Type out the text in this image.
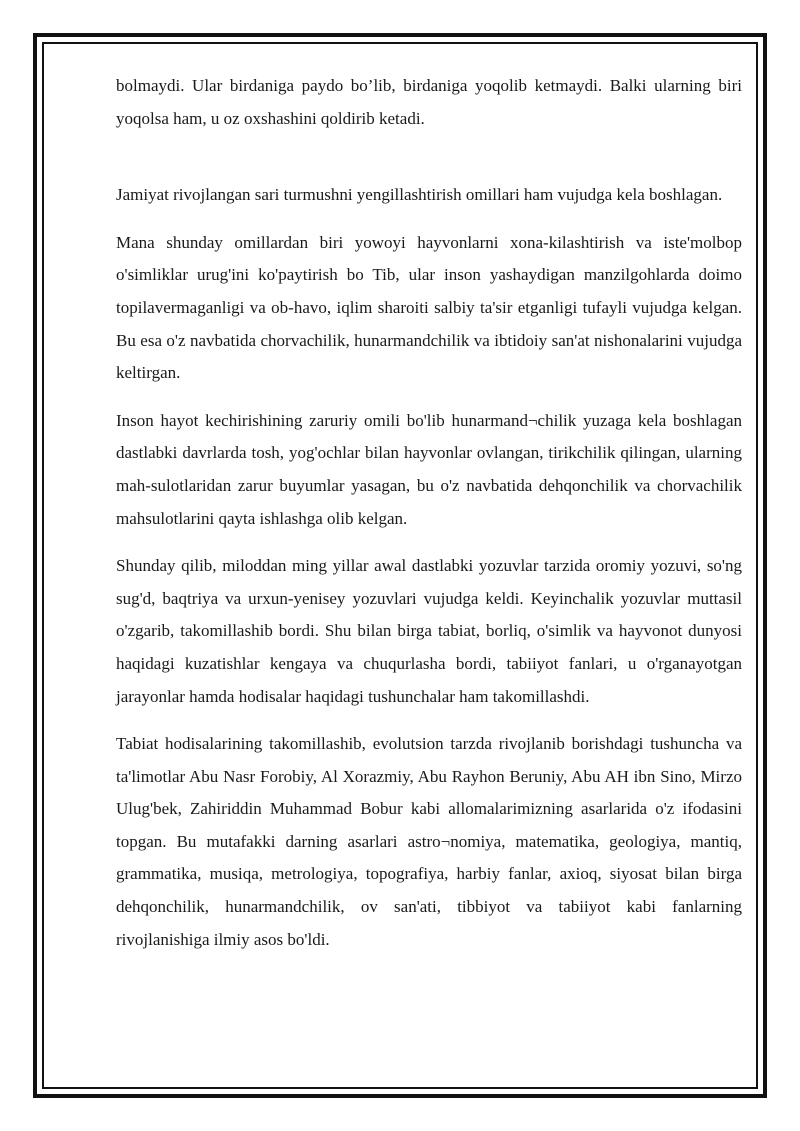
bolmaydi. Ular birdaniga paydo bo’lib, birdaniga yoqolib ketmaydi. Balki ularning biri yoqolsa ham, u oz oxshashini qoldirib ketadi.

Jamiyat rivojlangan sari turmushni yengillashtirish omillari ham vujudga kela boshlagan.

Mana shunday omillardan biri yowoyi hayvonlarni xona-kilashtirish va iste'molbop o'simliklar urug'ini ko'paytirish bo Tib, ular inson yashaydigan manzilgohlarda doimo topilavermaganligi va ob-havo, iqlim sharoiti salbiy ta'sir etganligi tufayli vujudga kelgan. Bu esa o'z navbatida chorvachilik, hunarmandchilik va ibtidoiy san'at nishonalarini vujudga keltirgan.

Inson hayot kechirishining zaruriy omili bo'lib hunarmand¬chilik yuzaga kela boshlagan dastlabki davrlarda tosh, yog'ochlar bilan hayvonlar ovlangan, tirikchilik qilingan, ularning mah-sulotlaridan zarur buyumlar yasagan, bu o'z navbatida dehqonchilik va chorvachilik mahsulotlarini qayta ishlashga olib kelgan.

Shunday qilib, miloddan ming yillar awal dastlabki yozuvlar tarzida oromiy yozuvi, so'ng sug'd, baqtriya va urxun-yenisey yozuvlari vujudga keldi. Keyinchalik yozuvlar muttasil o'zgarib, takomillashib bordi. Shu bilan birga tabiat, borliq, o'simlik va hayvonot dunyosi haqidagi kuzatishlar kengaya va chuqurlasha bordi, tabiiyot fanlari, u o'rganayotgan jarayonlar hamda hodisalar haqidagi tushunchalar ham takomillashdi.

Tabiat hodisalarining takomillashib, evolutsion tarzda rivojlanib borishdagi tushuncha va ta'limotlar Abu Nasr Forobiy, Al Xorazmiy, Abu Rayhon Beruniy, Abu AH ibn Sino, Mirzo Ulug'bek, Zahiriddin Muhammad Bobur kabi allomalarimizning asarlarida o'z ifodasini topgan. Bu mutafakki darning asarlari astro¬nomiya, matematika, geologiya, mantiq, grammatika, musiqa, metrologiya, topografiya, harbiy fanlar, axioq, siyosat bilan birga dehqonchilik, hunarmandchilik, ov san'ati, tibbiyot va tabiiyot kabi fanlarning rivojlanishiga ilmiy asos bo'ldi.
